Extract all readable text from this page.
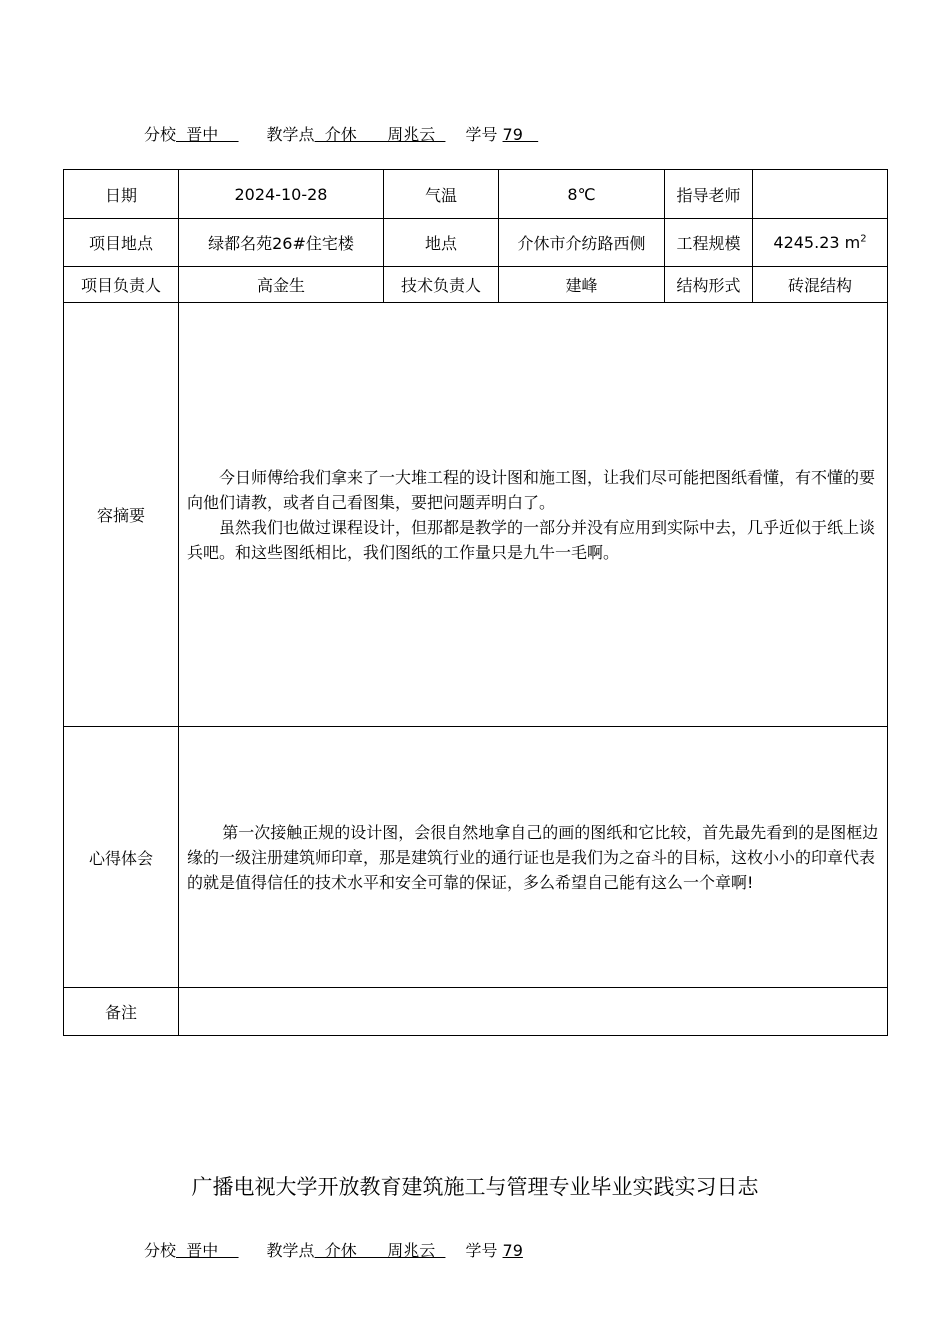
分校  晋中    教学点  介休      周兆云  学号 79
日期	2024-10-28	气温	8℃	指导老师	
项目地点	绿都名苑26#住宅楼	地点	介休市介纺路西侧	工程规模	4245.23 $m^2$
项目负责人	高金生	技术负责人	建峰	结构形式	砖混结构
容摘要	今日师傅给我们拿来了一大堆工程的设计图和施工图，让我们尽可能把图纸看懂，有不懂的要向他们请教，或者自己看图集，要把问题弄明白了。

虽然我们也做过课程设计，但那都是教学的一部分并没有应用到实际中去，几乎近似于纸上谈兵吧。和这些图纸相比，我们图纸的工作量只是九牛一毛啊。				

心得体会	第一次接触正规的设计图，会很自然地拿自己的画的图纸和它比较，首先最先看到的是图框边缘的一级注册建筑师印章，那是建筑行业的通行证也是我们为之奋斗的目标，这枚小小的印章代表的就是值得信任的技术水平和安全可靠的保证，多么希望自己能有这么一个章啊!				

备注					
广播电视大学开放教育建筑施工与管理专业毕业实践实习日志
分校  晋中    教学点  介休      周兆云  学号 79
